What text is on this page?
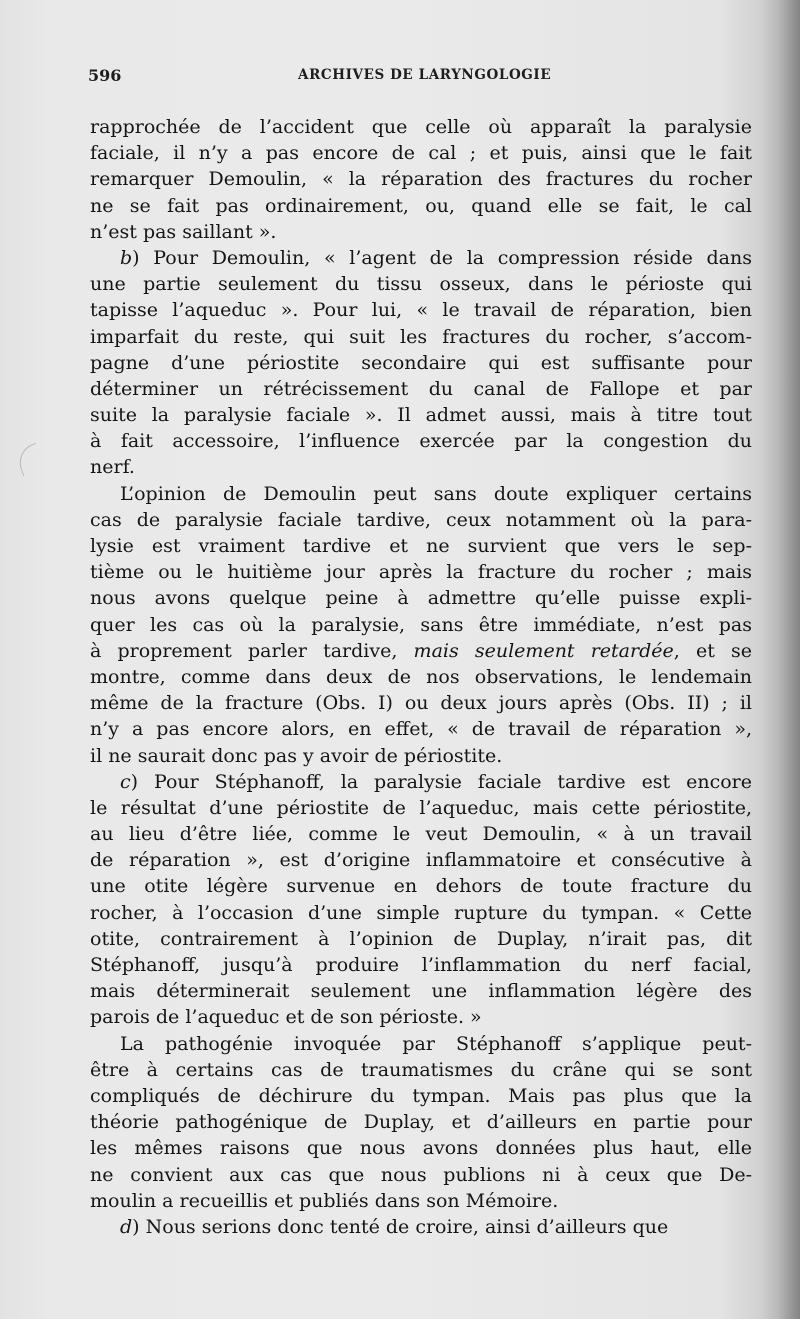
596	ARCHIVES DE LARYNGOLOGIE
rapprochée de l’accident que celle où apparaît la paralysie
faciale, il n’y a pas encore de cal ; et puis, ainsi que le fait
remarquer Demoulin, « la réparation des fractures du rocher
ne se fait pas ordinairement, ou, quand elle se fait, le cal
n’est pas saillant ».
b) Pour Demoulin, « l’agent de la compression réside dans
une partie seulement du tissu osseux, dans le périoste qui
tapisse l’aqueduc ». Pour lui, « le travail de réparation, bien
imparfait du reste, qui suit les fractures du rocher, s’accom-
pagne d’une périostite secondaire qui est suffisante pour
déterminer un rétrécissement du canal de Fallope et par
suite la paralysie faciale ». Il admet aussi, mais à titre tout
à fait accessoire, l’influence exercée par la congestion du
nerf.
L’opinion de Demoulin peut sans doute expliquer certains
cas de paralysie faciale tardive, ceux notamment où la para-
lysie est vraiment tardive et ne survient que vers le sep-
tième ou le huitième jour après la fracture du rocher ; mais
nous avons quelque peine à admettre qu’elle puisse expli-
quer les cas où la paralysie, sans être immédiate, n’est pas
à proprement parler tardive, mais seulement retardée, et se
montre, comme dans deux de nos observations, le lendemain
même de la fracture (Obs. I) ou deux jours après (Obs. II) ; il
n’y a pas encore alors, en effet, « de travail de réparation »,
il ne saurait donc pas y avoir de périostite.
c) Pour Stéphanoff, la paralysie faciale tardive est encore
le résultat d’une périostite de l’aqueduc, mais cette périostite,
au lieu d’être liée, comme le veut Demoulin, « à un travail
de réparation », est d’origine inflammatoire et consécutive à
une otite légère survenue en dehors de toute fracture du
rocher, à l’occasion d’une simple rupture du tympan. « Cette
otite, contrairement à l’opinion de Duplay, n’irait pas, dit
Stéphanoff, jusqu’à produire l’inflammation du nerf facial,
mais déterminerait seulement une inflammation légère des
parois de l’aqueduc et de son périoste. »
La pathogénie invoquée par Stéphanoff s’applique peut-
être à certains cas de traumatismes du crâne qui se sont
compliqués de déchirure du tympan. Mais pas plus que la
théorie pathogénique de Duplay, et d’ailleurs en partie pour
les mêmes raisons que nous avons données plus haut, elle
ne convient aux cas que nous publions ni à ceux que De-
moulin a recueillis et publiés dans son Mémoire.
d) Nous serions donc tenté de croire, ainsi d’ailleurs que
